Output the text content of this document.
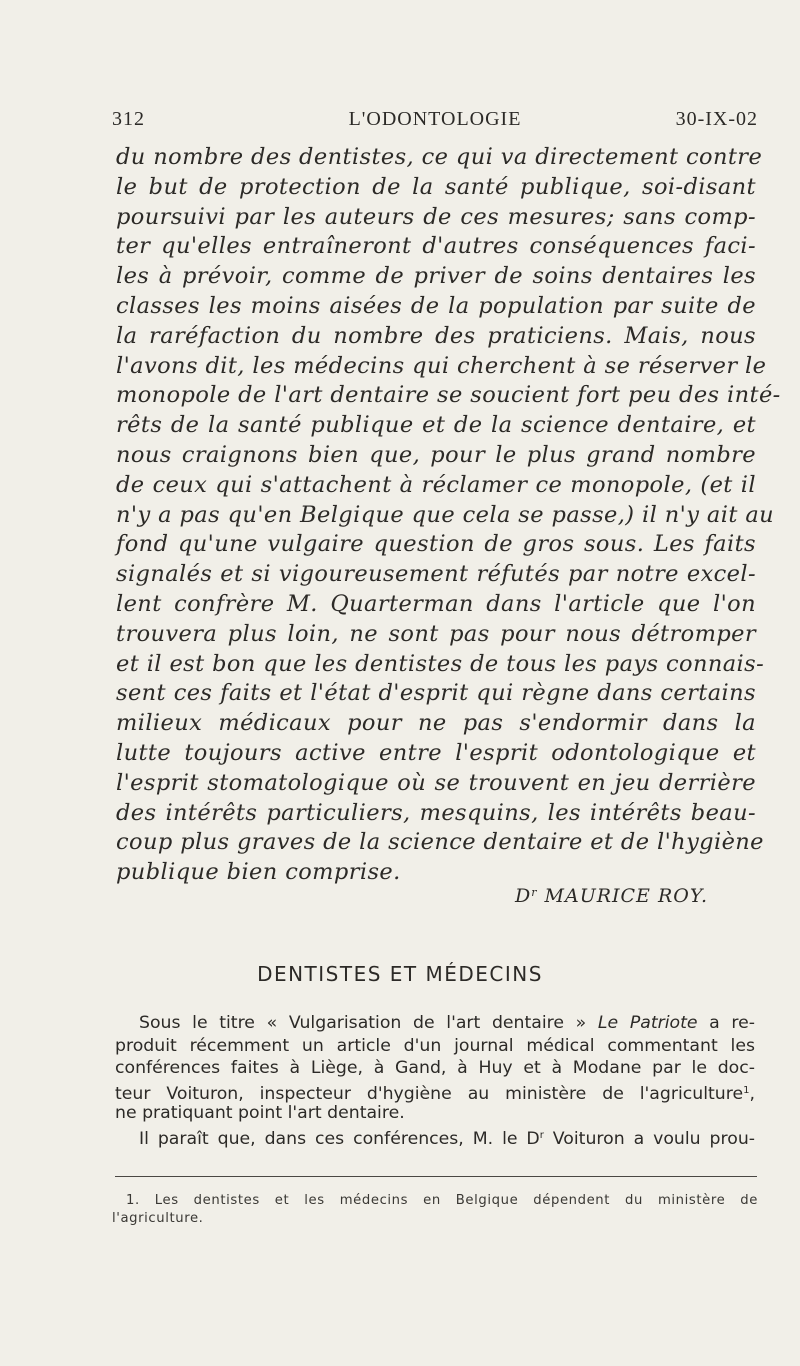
312	L'ODONTOLOGIE	30-IX-02
du nombre des dentistes, ce qui va directement contre
le but de protection de la santé publique, soi-disant
poursuivi par les auteurs de ces mesures; sans comp-
ter qu'elles entraîneront d'autres conséquences faci-
les à prévoir, comme de priver de soins dentaires les
classes les moins aisées de la population par suite de
la raréfaction du nombre des praticiens. Mais, nous
l'avons dit, les médecins qui cherchent à se réserver le
monopole de l'art dentaire se soucient fort peu des inté-
rêts de la santé publique et de la science dentaire, et
nous craignons bien que, pour le plus grand nombre
de ceux qui s'attachent à réclamer ce monopole, (et il
n'y a pas qu'en Belgique que cela se passe,) il n'y ait au
fond qu'une vulgaire question de gros sous. Les faits
signalés et si vigoureusement réfutés par notre excel-
lent confrère M. Quarterman dans l'article que l'on
trouvera plus loin, ne sont pas pour nous détromper
et il est bon que les dentistes de tous les pays connais-
sent ces faits et l'état d'esprit qui règne dans certains
milieux médicaux pour ne pas s'endormir dans la
lutte toujours active entre l'esprit odontologique et
l'esprit stomatologique où se trouvent en jeu derrière
des intérêts particuliers, mesquins, les intérêts beau-
coup plus graves de la science dentaire et de l'hygiène
publique bien comprise.
$D^r$ MAURICE ROY.
DENTISTES ET MÉDECINS
Sous le titre « Vulgarisation de l'art dentaire » Le Patriote a re-
produit récemment un article d'un journal médical commentant les
conférences faites à Liège, à Gand, à Huy et à Modane par le doc-
teur Voituron, inspecteur d'hygiène au ministère de l'agriculture$^1$,
ne pratiquant point l'art dentaire.
Il paraît que, dans ces conférences, M. le $D^r$ Voituron a voulu prou-
1. Les dentistes et les médecins en Belgique dépendent du ministère de
l'agriculture.
